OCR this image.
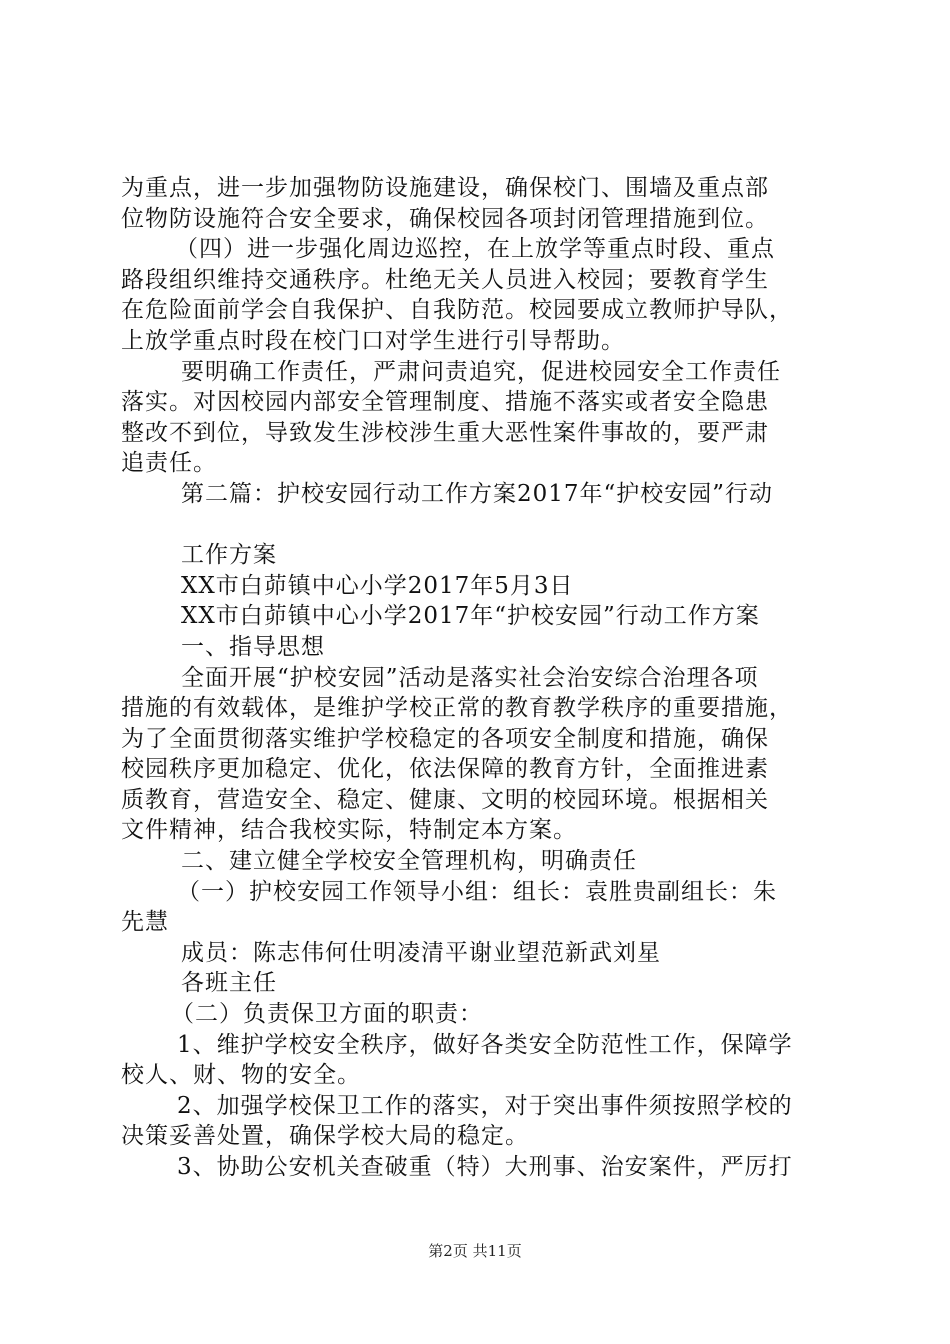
为重点，进一步加强物防设施建设，确保校门、围墙及重点部
位物防设施符合安全要求，确保校园各项封闭管理措施到位。
（四）进一步强化周边巡控，在上放学等重点时段、重点
路段组织维持交通秩序。杜绝无关人员进入校园；要教育学生
在危险面前学会自我保护、自我防范。校园要成立教师护导队，
上放学重点时段在校门口对学生进行引导帮助。
要明确工作责任，严肃问责追究，促进校园安全工作责任
落实。对因校园内部安全管理制度、措施不落实或者安全隐患
整改不到位，导致发生涉校涉生重大恶性案件事故的，要严肃
追责任。
第二篇：护校安园行动工作方案2017年“护校安园”行动
工作方案
XX市白茆镇中心小学2017年5月3日
XX市白茆镇中心小学2017年“护校安园”行动工作方案
一、指导思想
全面开展“护校安园”活动是落实社会治安综合治理各项
措施的有效载体，是维护学校正常的教育教学秩序的重要措施，
为了全面贯彻落实维护学校稳定的各项安全制度和措施，确保
校园秩序更加稳定、优化，依法保障的教育方针，全面推进素
质教育，营造安全、稳定、健康、文明的校园环境。根据相关
文件精神，结合我校实际，特制定本方案。
二、建立健全学校安全管理机构，明确责任
（一）护校安园工作领导小组：组长：袁胜贵副组长：朱
先慧
成员：陈志伟何仕明凌清平谢业望范新武刘星
各班主任
（二）负责保卫方面的职责：
1、维护学校安全秩序，做好各类安全防范性工作，保障学
校人、财、物的安全。
2、加强学校保卫工作的落实，对于突出事件须按照学校的
决策妥善处置，确保学校大局的稳定。
3、协助公安机关查破重（特）大刑事、治安案件，严厉打
第2页 共11页
